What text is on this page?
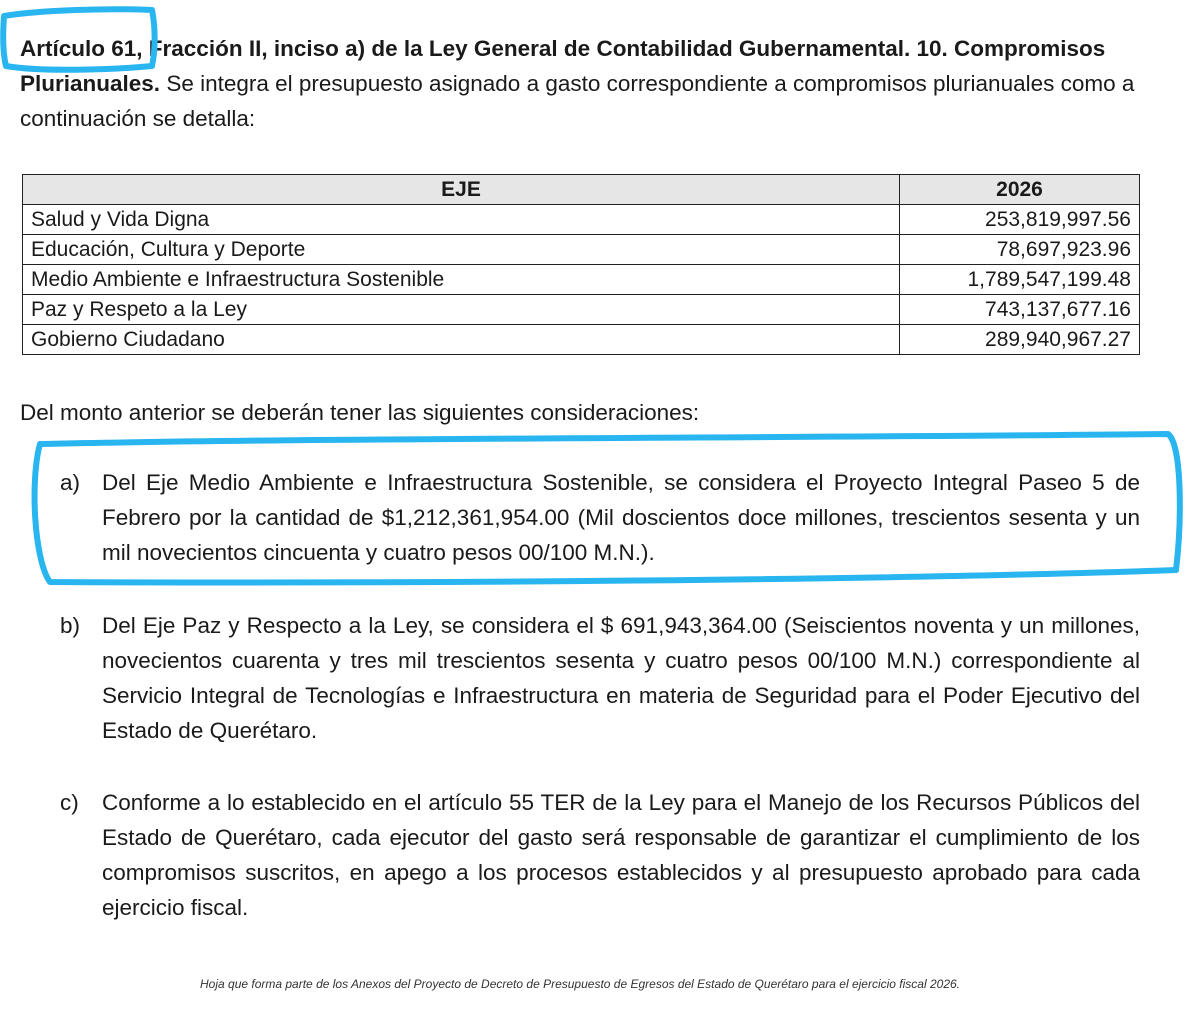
Artículo 61, Fracción II, inciso a) de la Ley General de Contabilidad Gubernamental. 10. Compromisos
Plurianuales. Se integra el presupuesto asignado a gasto correspondiente a compromisos plurianuales como a continuación se detalla:
EJE	2026
Salud y Vida Digna	253,819,997.56
Educación, Cultura y Deporte	78,697,923.96
Medio Ambiente e Infraestructura Sostenible	1,789,547,199.48
Paz y Respeto a la Ley	743,137,677.16
Gobierno Ciudadano	289,940,967.27
Del monto anterior se deberán tener las siguientes consideraciones:
a) Del Eje Medio Ambiente e Infraestructura Sostenible, se considera el Proyecto Integral Paseo 5 de Febrero por la cantidad de $1,212,361,954.00 (Mil doscientos doce millones, trescientos sesenta y un mil novecientos cincuenta y cuatro pesos 00/100 M.N.).
b) Del Eje Paz y Respecto a la Ley, se considera el $ 691,943,364.00 (Seiscientos noventa y un millones, novecientos cuarenta y tres mil trescientos sesenta y cuatro pesos 00/100 M.N.) correspondiente al Servicio Integral de Tecnologías e Infraestructura en materia de Seguridad para el Poder Ejecutivo del Estado de Querétaro.
c) Conforme a lo establecido en el artículo 55 TER de la Ley para el Manejo de los Recursos Públicos del Estado de Querétaro, cada ejecutor del gasto será responsable de garantizar el cumplimiento de los compromisos suscritos, en apego a los procesos establecidos y al presupuesto aprobado para cada ejercicio fiscal.
Hoja que forma parte de los Anexos del Proyecto de Decreto de Presupuesto de Egresos del Estado de Querétaro para el ejercicio fiscal 2026.
